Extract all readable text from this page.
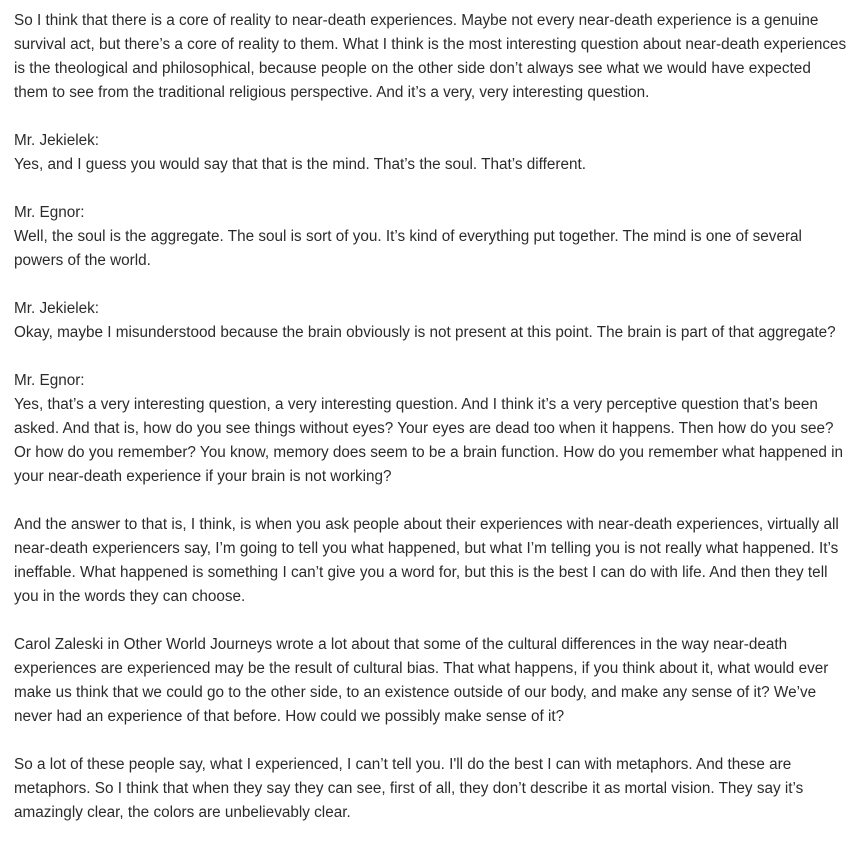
So I think that there is a core of reality to near-death experiences. Maybe not every near-death experience is a genuine survival act, but there’s a core of reality to them. What I think is the most interesting question about near-death experiences is the theological and philosophical, because people on the other side don’t always see what we would have expected them to see from the traditional religious perspective. And it’s a very, very interesting question.

Mr. Jekielek:
Yes, and I guess you would say that that is the mind. That’s the soul. That’s different.

Mr. Egnor:
Well, the soul is the aggregate. The soul is sort of you. It’s kind of everything put together. The mind is one of several powers of the world.

Mr. Jekielek:
Okay, maybe I misunderstood because the brain obviously is not present at this point. The brain is part of that aggregate?

Mr. Egnor:
Yes, that’s a very interesting question, a very interesting question. And I think it’s a very perceptive question that’s been asked. And that is, how do you see things without eyes? Your eyes are dead too when it happens. Then how do you see? Or how do you remember? You know, memory does seem to be a brain function. How do you remember what happened in your near-death experience if your brain is not working?

And the answer to that is, I think, is when you ask people about their experiences with near-death experiences, virtually all near-death experiencers say, I’m going to tell you what happened, but what I’m telling you is not really what happened. It’s ineffable. What happened is something I can’t give you a word for, but this is the best I can do with life. And then they tell you in the words they can choose.

Carol Zaleski in Other World Journeys wrote a lot about that some of the cultural differences in the way near-death experiences are experienced may be the result of cultural bias. That what happens, if you think about it, what would ever make us think that we could go to the other side, to an existence outside of our body, and make any sense of it? We’ve never had an experience of that before. How could we possibly make sense of it?

So a lot of these people say, what I experienced, I can’t tell you. I'll do the best I can with metaphors. And these are metaphors. So I think that when they say they can see, first of all, they don’t describe it as mortal vision. They say it’s amazingly clear, the colors are unbelievably clear.
